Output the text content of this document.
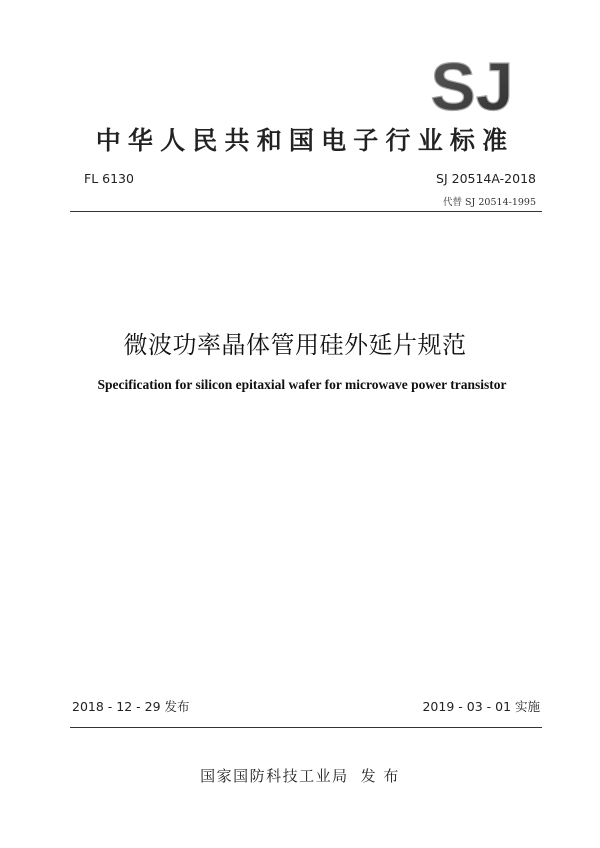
SJ
中华人民共和国电子行业标准
FL 6130	SJ 20514A-2018
代替 SJ 20514-1995
微波功率晶体管用硅外延片规范
Specification for silicon epitaxial wafer for microwave power transistor
2018 - 12 - 29 发布	2019 - 03 - 01 实施
国家国防科技工业局 发 布
